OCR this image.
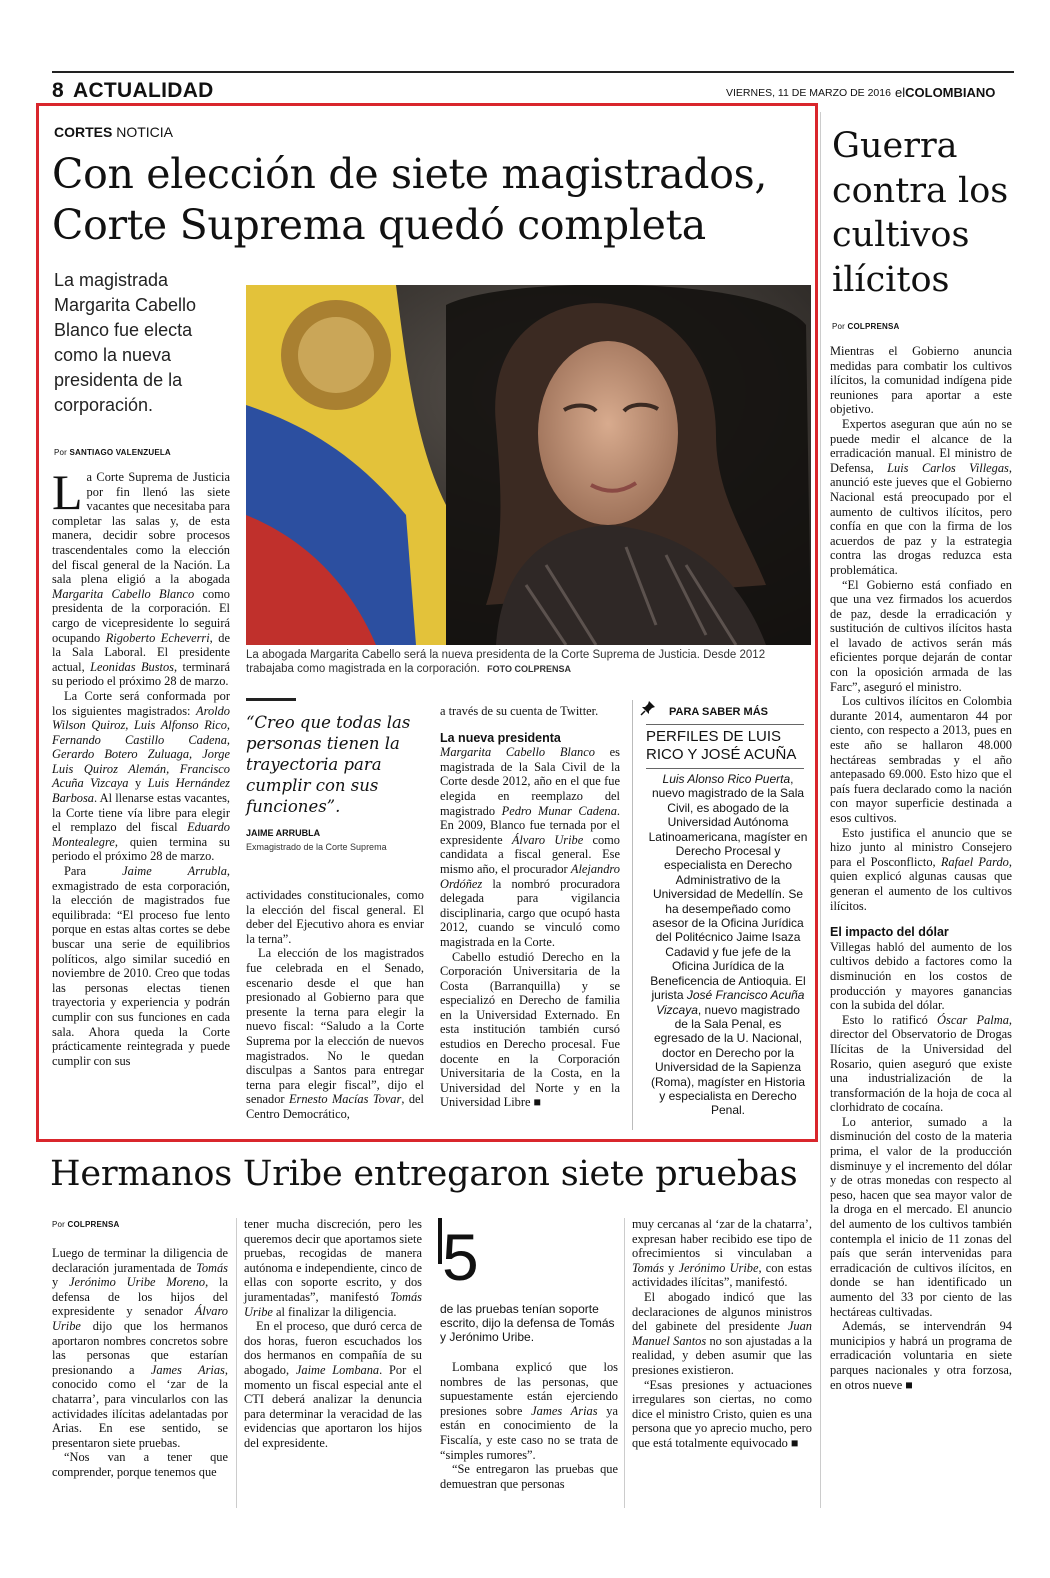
8 ACTUALIDAD	VIERNES, 11 DE MARZO DE 2016 elCOLOMBIANO
CORTES NOTICIA
Con elección de siete magistrados,
Corte Suprema quedó completa
La magistrada Margarita Cabello Blanco fue electa como la nueva presidenta de la corporación.
Por SANTIAGO VALENZUELA
La abogada Margarita Cabello será la nueva presidenta de la Corte Suprema de Justicia. Desde 2012 trabajaba como magistrada en la corporación. FOTO COLPRENSA

La Corte Suprema de Justicia por fin llenó las siete vacantes que necesitaba para completar las salas y, de esta manera, decidir sobre procesos trascendentales como la elección del fiscal general de la Nación. La sala plena eligió a la abogada Margarita Cabello Blanco como presidenta de la corporación. El cargo de vicepresidente lo seguirá ocupando Rigoberto Echeverri, de la Sala Laboral. El presidente actual, Leonidas Bustos, terminará su periodo el próximo 28 de marzo.

La Corte será conformada por los siguientes magistrados: Aroldo Wilson Quiroz, Luis Alfonso Rico, Fernando Castillo Cadena, Gerardo Botero Zuluaga, Jorge Luis Quiroz Alemán, Francisco Acuña Vizcaya y Luis Hernández Barbosa. Al llenarse estas vacantes, la Corte tiene vía libre para elegir el remplazo del fiscal Eduardo Montealegre, quien termina su periodo el próximo 28 de marzo.

Para Jaime Arrubla, exmagistrado de esta corporación, la elección de magistrados fue equilibrada: “El proceso fue lento porque en estas altas cortes se debe buscar una serie de equilibrios políticos, algo similar sucedió en noviembre de 2010. Creo que todas las personas electas tienen trayectoria y experiencia y podrán cumplir con sus funciones en cada sala. Ahora queda la Corte prácticamente reintegrada y puede cumplir con sus

“Creo que todas las personas tienen la trayectoria para cumplir con sus funciones”.
JAIME ARRUBLA
Exmagistrado de la Corte Suprema

actividades constitucionales, como la elección del fiscal general. El deber del Ejecutivo ahora es enviar la terna”.

La elección de los magistrados fue celebrada en el Senado, escenario desde el que han presionado al Gobierno para que presente la terna para elegir la nuevo fiscal: “Saludo a la Corte Suprema por la elección de nuevos magistrados. No le quedan disculpas a Santos para entregar terna para elegir fiscal”, dijo el senador Ernesto Macías Tovar, del Centro Democrático,

a través de su cuenta de Twitter.

La nueva presidenta

Margarita Cabello Blanco es magistrada de la Sala Civil de la Corte desde 2012, año en el que fue elegida en reemplazo del magistrado Pedro Munar Cadena. En 2009, Blanco fue ternada por el expresidente Álvaro Uribe como candidata a fiscal general. Ese mismo año, el procurador Alejandro Ordóñez la nombró procuradora delegada para vigilancia disciplinaria, cargo que ocupó hasta 2012, cuando se vinculó como magistrada en la Corte.

Cabello estudió Derecho en la Corporación Universitaria de la Costa (Barranquilla) y se especializó en Derecho de familia en la Universidad Externado. En esta institución también cursó estudios en Derecho procesal. Fue docente en la Corporación Universitaria de la Costa, en la Universidad del Norte y en la Universidad Libre ■

PARA SABER MÁS
PERFILES DE LUIS RICO Y JOSÉ ACUÑA
Luis Alonso Rico Puerta, nuevo magistrado de la Sala Civil, es abogado de la Universidad Autónoma Latinoamericana, magíster en Derecho Procesal y especialista en Derecho Administrativo de la Universidad de Medellín. Se ha desempeñado como asesor de la Oficina Jurídica del Politécnico Jaime Isaza Cadavid y fue jefe de la Oficina Jurídica de la Beneficencia de Antioquia. El jurista José Francisco Acuña Vizcaya, nuevo magistrado de la Sala Penal, es egresado de la U. Nacional, doctor en Derecho por la Universidad de la Sapienza (Roma), magíster en Historia y especialista en Derecho Penal.
Guerra contra los cultivos ilícitos
Por COLPRENSA

Mientras el Gobierno anuncia medidas para combatir los cultivos ilícitos, la comunidad indígena pide reuniones para aportar a este objetivo.

Expertos aseguran que aún no se puede medir el alcance de la erradicación manual. El ministro de Defensa, Luis Carlos Villegas, anunció este jueves que el Gobierno Nacional está preocupado por el aumento de cultivos ilícitos, pero confía en que con la firma de los acuerdos de paz y la estrategia contra las drogas reduzca esta problemática.

“El Gobierno está confiado en que una vez firmados los acuerdos de paz, desde la erradicación y sustitución de cultivos ilícitos hasta el lavado de activos serán más eficientes porque dejarán de contar con la oposición armada de las Farc”, aseguró el ministro.

Los cultivos ilícitos en Colombia durante 2014, aumentaron 44 por ciento, con respecto a 2013, pues en este año se hallaron 48.000 hectáreas sembradas y el año antepasado 69.000. Esto hizo que el país fuera declarado como la nación con mayor superficie destinada a esos cultivos.

Esto justifica el anuncio que se hizo junto al ministro Consejero para el Posconflicto, Rafael Pardo, quien explicó algunas causas que generan el aumento de los cultivos ilícitos.

El impacto del dólar

Villegas habló del aumento de los cultivos debido a factores como la disminución en los costos de producción y mayores ganancias con la subida del dólar.

Esto lo ratificó Óscar Palma, director del Observatorio de Drogas Ilícitas de la Universidad del Rosario, quien aseguró que existe una industrialización de la transformación de la hoja de coca al clorhidrato de cocaína.

Lo anterior, sumado a la disminución del costo de la materia prima, el valor de la producción disminuye y el incremento del dólar y de otras monedas con respecto al peso, hacen que sea mayor valor de la droga en el mercado. El anuncio del aumento de los cultivos también contempla el inicio de 11 zonas del país que serán intervenidas para erradicación de cultivos ilícitos, en donde se han identificado un aumento del 33 por ciento de las hectáreas cultivadas.

Además, se intervendrán 94 municipios y habrá un programa de erradicación voluntaria en siete parques nacionales y otra forzosa, en otros nueve ■

Hermanos Uribe entregaron siete pruebas
Por COLPRENSA

Luego de terminar la diligencia de declaración juramentada de Tomás y Jerónimo Uribe Moreno, la defensa de los hijos del expresidente y senador Álvaro Uribe dijo que los hermanos aportaron nombres concretos sobre las personas que estarían presionando a James Arias, conocido como el ‘zar de la chatarra’, para vincularlos con las actividades ilícitas adelantadas por Arias. En ese sentido, se presentaron siete pruebas.

“Nos van a tener que comprender, porque tenemos que

tener mucha discreción, pero les queremos decir que aportamos siete pruebas, recogidas de manera autónoma e independiente, cinco de ellas con soporte escrito, y dos juramentadas”, manifestó Tomás Uribe al finalizar la diligencia.

En el proceso, que duró cerca de dos horas, fueron escuchados los dos hermanos en compañía de su abogado, Jaime Lombana. Por el momento un fiscal especial ante el CTI deberá analizar la denuncia para determinar la veracidad de las evidencias que aportaron los hijos del expresidente.

5
de las pruebas tenían soporte escrito, dijo la defensa de Tomás y Jerónimo Uribe.

Lombana explicó que los nombres de las personas, que supuestamente están ejerciendo presiones sobre James Arias ya están en conocimiento de la Fiscalía, y este caso no se trata de “simples rumores”.

“Se entregaron las pruebas que demuestran que personas

muy cercanas al ‘zar de la chatarra’, expresan haber recibido ese tipo de ofrecimientos si vinculaban a Tomás y Jerónimo Uribe, con estas actividades ilícitas”, manifestó.

El abogado indicó que las declaraciones de algunos ministros del gabinete del presidente Juan Manuel Santos no son ajustadas a la realidad, y deben asumir que las presiones existieron.

“Esas presiones y actuaciones irregulares son ciertas, no como dice el ministro Cristo, quien es una persona que yo aprecio mucho, pero que está totalmente equivocado ■
